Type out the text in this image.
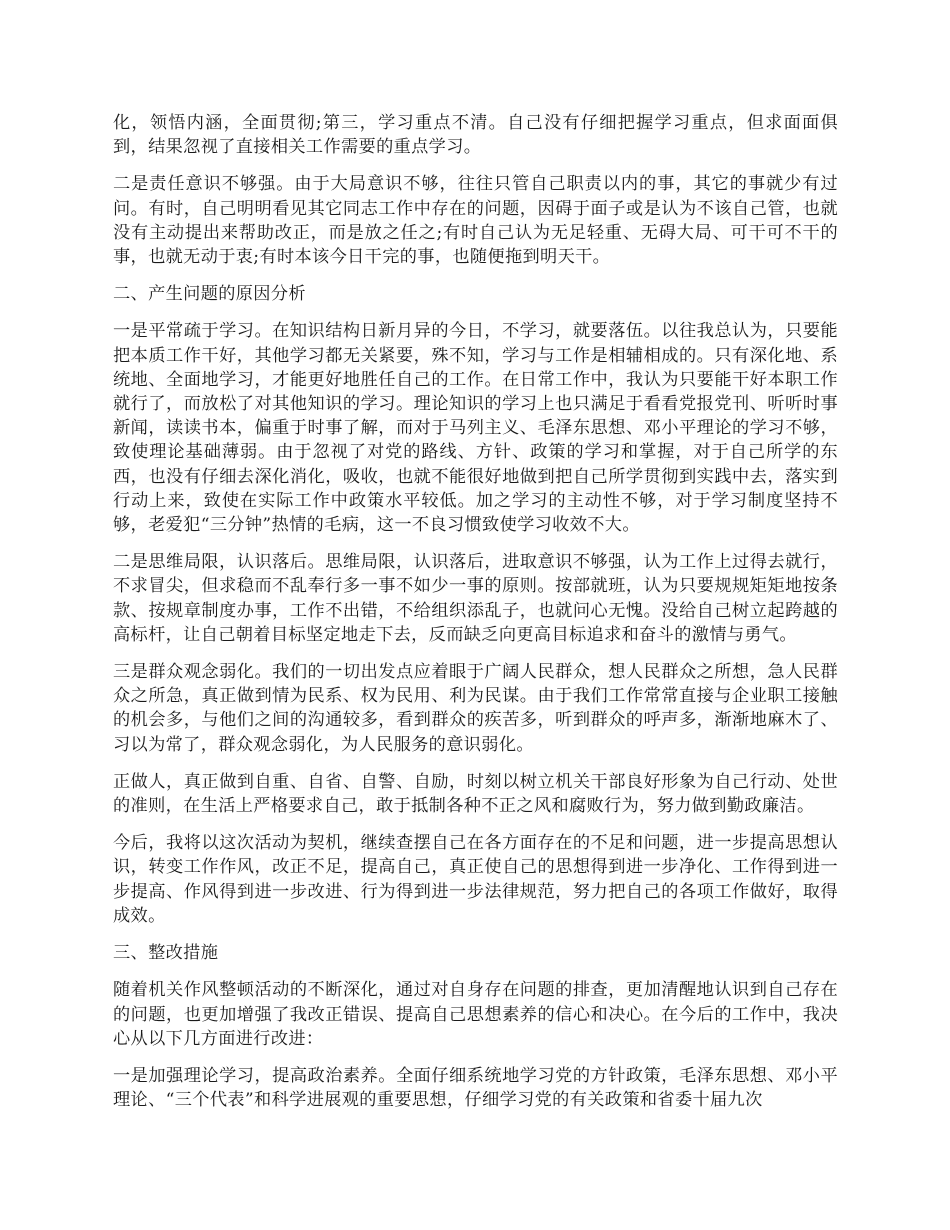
化，领悟内涵，全面贯彻;第三，学习重点不清。自己没有仔细把握学习重点，但求面面俱到，结果忽视了直接相关工作需要的重点学习。

二是责任意识不够强。由于大局意识不够，往往只管自己职责以内的事，其它的事就少有过问。有时，自己明明看见其它同志工作中存在的问题，因碍于面子或是认为不该自己管，也就没有主动提出来帮助改正，而是放之任之;有时自己认为无足轻重、无碍大局、可干可不干的事，也就无动于衷;有时本该今日干完的事，也随便拖到明天干。

二、产生问题的原因分析

一是平常疏于学习。在知识结构日新月异的今日，不学习，就要落伍。以往我总认为，只要能把本质工作干好，其他学习都无关紧要，殊不知，学习与工作是相辅相成的。只有深化地、系统地、全面地学习，才能更好地胜任自己的工作。在日常工作中，我认为只要能干好本职工作就行了，而放松了对其他知识的学习。理论知识的学习上也只满足于看看党报党刊、听听时事新闻，读读书本，偏重于时事了解，而对于马列主义、毛泽东思想、邓小平理论的学习不够，致使理论基础薄弱。由于忽视了对党的路线、方针、政策的学习和掌握，对于自己所学的东西，也没有仔细去深化消化，吸收，也就不能很好地做到把自己所学贯彻到实践中去，落实到行动上来，致使在实际工作中政策水平较低。加之学习的主动性不够，对于学习制度坚持不够，老爱犯“三分钟”热情的毛病，这一不良习惯致使学习收效不大。

二是思维局限，认识落后。思维局限，认识落后，进取意识不够强，认为工作上过得去就行，不求冒尖，但求稳而不乱奉行多一事不如少一事的原则。按部就班，认为只要规规矩矩地按条款、按规章制度办事，工作不出错，不给组织添乱子，也就问心无愧。没给自己树立起跨越的高标杆，让自己朝着目标坚定地走下去，反而缺乏向更高目标追求和奋斗的激情与勇气。

三是群众观念弱化。我们的一切出发点应着眼于广阔人民群众，想人民群众之所想，急人民群众之所急，真正做到情为民系、权为民用、利为民谋。由于我们工作常常直接与企业职工接触的机会多，与他们之间的沟通较多，看到群众的疾苦多，听到群众的呼声多，渐渐地麻木了、习以为常了，群众观念弱化，为人民服务的意识弱化。

正做人，真正做到自重、自省、自警、自励，时刻以树立机关干部良好形象为自己行动、处世的准则，在生活上严格要求自己，敢于抵制各种不正之风和腐败行为，努力做到勤政廉洁。

今后，我将以这次活动为契机，继续查摆自己在各方面存在的不足和问题，进一步提高思想认识，转变工作作风，改正不足，提高自己，真正使自己的思想得到进一步净化、工作得到进一步提高、作风得到进一步改进、行为得到进一步法律规范，努力把自己的各项工作做好，取得成效。

三、整改措施

随着机关作风整顿活动的不断深化，通过对自身存在问题的排查，更加清醒地认识到自己存在的问题，也更加增强了我改正错误、提高自己思想素养的信心和决心。在今后的工作中，我决心从以下几方面进行改进：

一是加强理论学习，提高政治素养。全面仔细系统地学习党的方针政策，毛泽东思想、邓小平理论、“三个代表”和科学进展观的重要思想，仔细学习党的有关政策和省委十届九次
